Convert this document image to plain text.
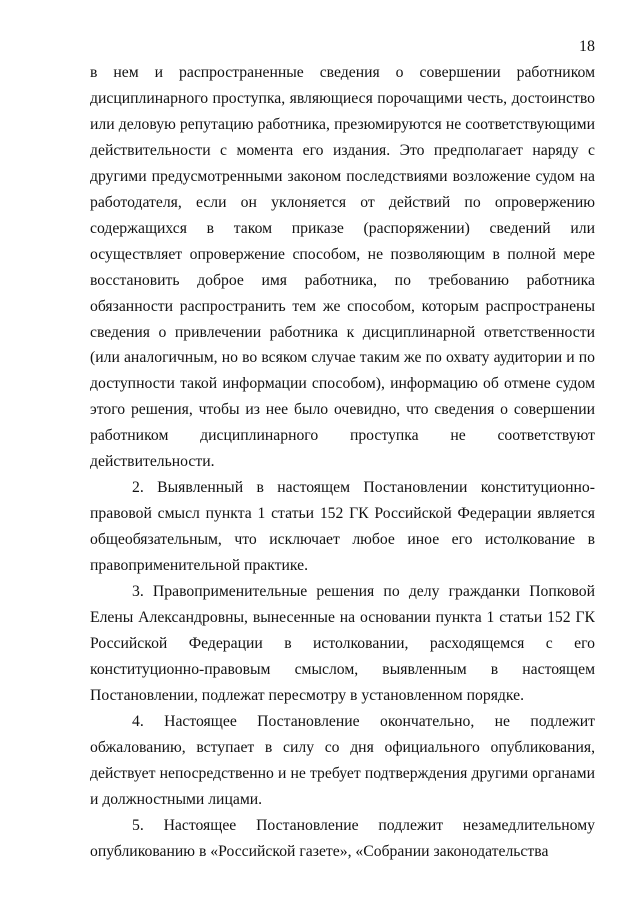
18

в нем и распространенные сведения о совершении работником дисциплинарного проступка, являющиеся порочащими честь, достоинство или деловую репутацию работника, презюмируются не соответствующими действительности с момента его издания. Это предполагает наряду с другими предусмотренными законом последствиями возложение судом на работодателя, если он уклоняется от действий по опровержению содержащихся в таком приказе (распоряжении) сведений или осуществляет опровержение способом, не позволяющим в полной мере восстановить доброе имя работника, по требованию работника обязанности распространить тем же способом, которым распространены сведения о привлечении работника к дисциплинарной ответственности (или аналогичным, но во всяком случае таким же по охвату аудитории и по доступности такой информации способом), информацию об отмене судом этого решения, чтобы из нее было очевидно, что сведения о совершении работником дисциплинарного проступка не соответствуют действительности.

2. Выявленный в настоящем Постановлении конституционно-правовой смысл пункта 1 статьи 152 ГК Российской Федерации является общеобязательным, что исключает любое иное его истолкование в правоприменительной практике.

3. Правоприменительные решения по делу гражданки Попковой Елены Александровны, вынесенные на основании пункта 1 статьи 152 ГК Российской Федерации в истолковании, расходящемся с его конституционно-правовым смыслом, выявленным в настоящем Постановлении, подлежат пересмотру в установленном порядке.

4. Настоящее Постановление окончательно, не подлежит обжалованию, вступает в силу со дня официального опубликования, действует непосредственно и не требует подтверждения другими органами и должностными лицами.

5. Настоящее Постановление подлежит незамедлительному опубликованию в «Российской газете», «Собрании законодательства
